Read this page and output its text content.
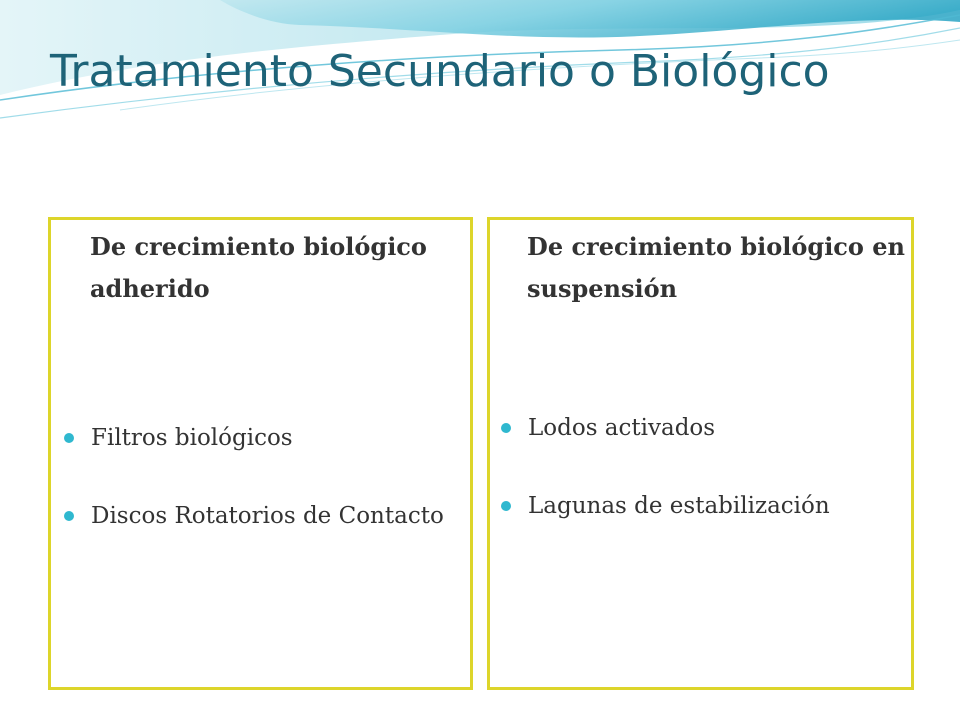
Tratamiento Secundario o Biológico

De crecimiento biológico adherido

Filtros biológicos
Discos Rotatorios de Contacto

De crecimiento biológico en suspensión

Lodos activados
Lagunas de estabilización
